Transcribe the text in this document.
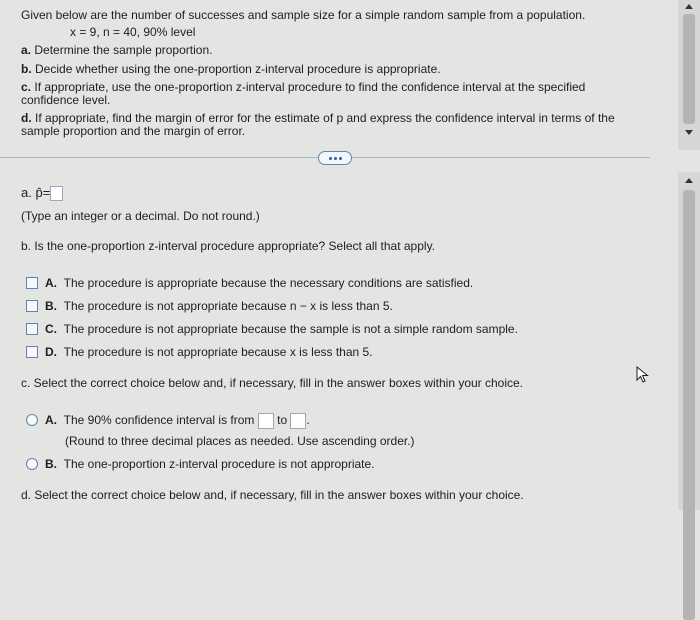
Given below are the number of successes and sample size for a simple random sample from a population.
x = 9, n = 40, 90% level
a. Determine the sample proportion.
b. Decide whether using the one-proportion z-interval procedure is appropriate.
c. If appropriate, use the one-proportion z-interval procedure to find the confidence interval at the specified
confidence level.
d. If appropriate, find the margin of error for the estimate of p and express the confidence interval in terms of the
sample proportion and the margin of error.
a. p̂=
(Type an integer or a decimal. Do not round.)
b. Is the one-proportion z-interval procedure appropriate? Select all that apply.
A. The procedure is appropriate because the necessary conditions are satisfied.
B. The procedure is not appropriate because n − x is less than 5.
C. The procedure is not appropriate because the sample is not a simple random sample.
D. The procedure is not appropriate because x is less than 5.
c. Select the correct choice below and, if necessary, fill in the answer boxes within your choice.
A. The 90% confidence interval is from to .
(Round to three decimal places as needed. Use ascending order.)
B. The one-proportion z-interval procedure is not appropriate.
d. Select the correct choice below and, if necessary, fill in the answer boxes within your choice.
